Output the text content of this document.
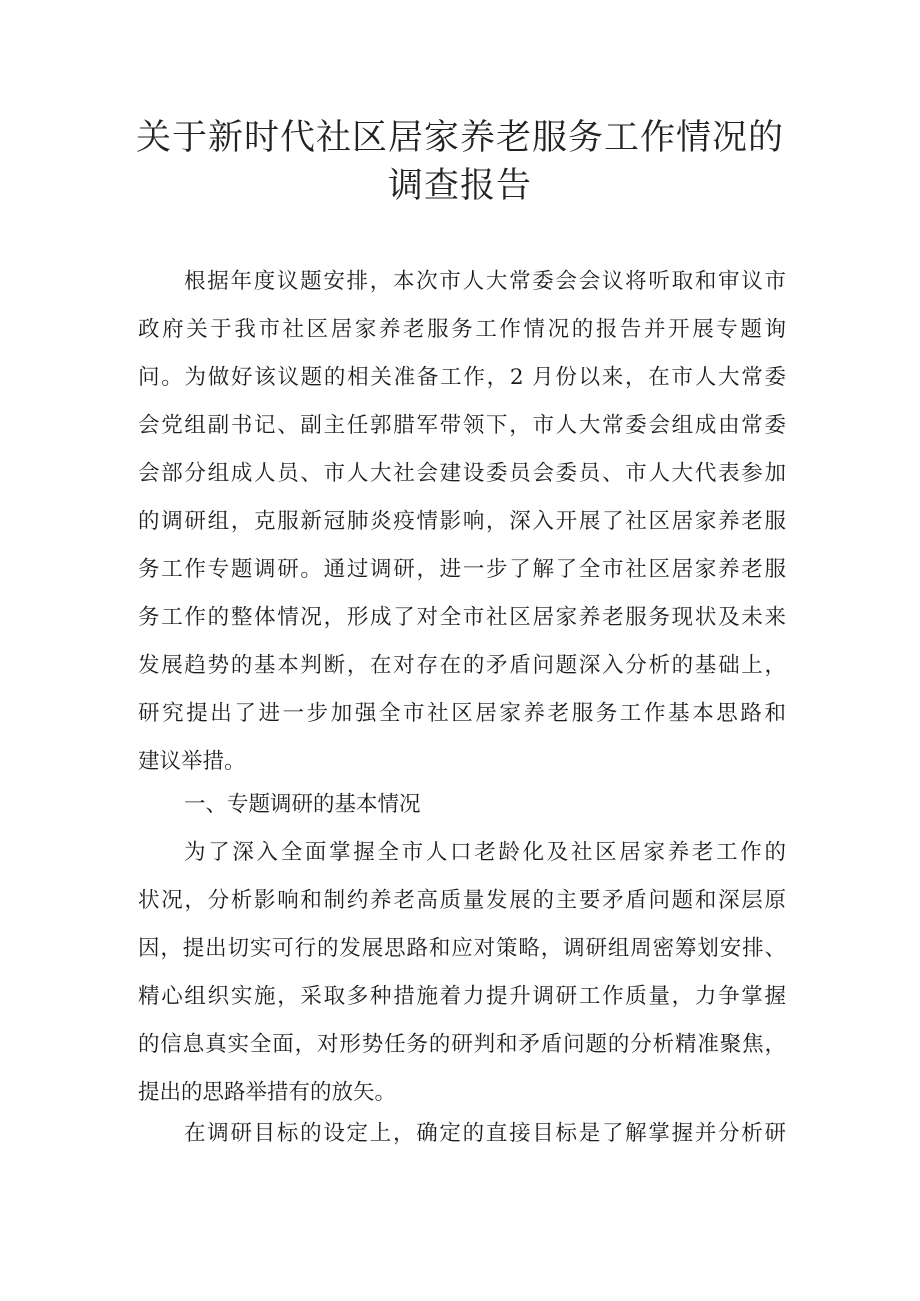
关于新时代社区居家养老服务工作情况的
调查报告
根据年度议题安排，本次市人大常委会会议将听取和审议市
政府关于我市社区居家养老服务工作情况的报告并开展专题询
问。为做好该议题的相关准备工作，2 月份以来，在市人大常委
会党组副书记、副主任郭腊军带领下，市人大常委会组成由常委
会部分组成人员、市人大社会建设委员会委员、市人大代表参加
的调研组，克服新冠肺炎疫情影响，深入开展了社区居家养老服
务工作专题调研。通过调研，进一步了解了全市社区居家养老服
务工作的整体情况，形成了对全市社区居家养老服务现状及未来
发展趋势的基本判断，在对存在的矛盾问题深入分析的基础上，
研究提出了进一步加强全市社区居家养老服务工作基本思路和
建议举措。
一、专题调研的基本情况
为了深入全面掌握全市人口老龄化及社区居家养老工作的
状况，分析影响和制约养老高质量发展的主要矛盾问题和深层原
因，提出切实可行的发展思路和应对策略，调研组周密筹划安排、
精心组织实施，采取多种措施着力提升调研工作质量，力争掌握
的信息真实全面，对形势任务的研判和矛盾问题的分析精准聚焦，
提出的思路举措有的放矢。
在调研目标的设定上，确定的直接目标是了解掌握并分析研
